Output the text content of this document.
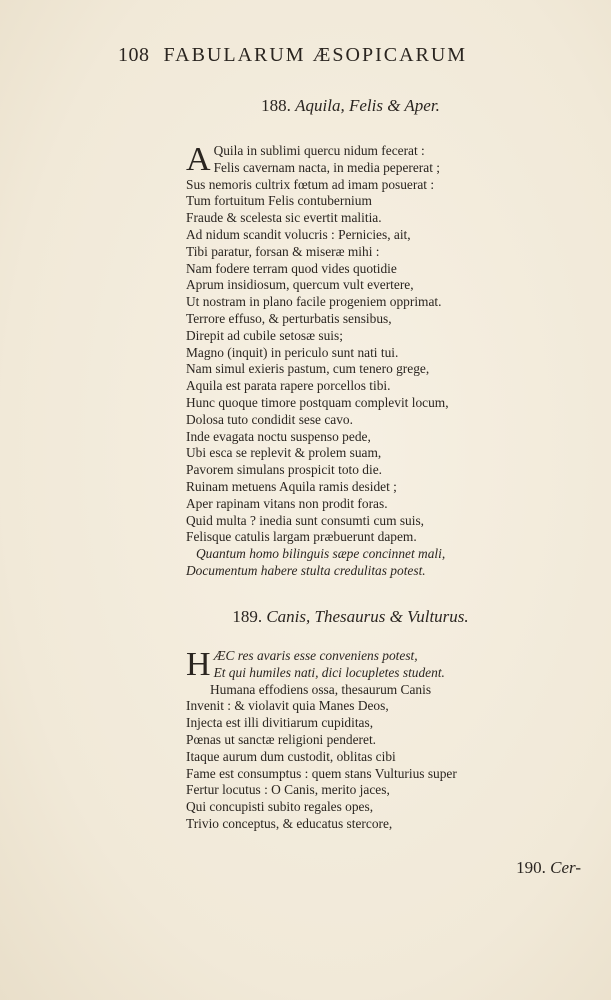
108 FABULARUM ÆSOPICARUM
188. Aquila, Felis & Aper.
A Quila in sublimi quercu nidum fecerat :
Felis cavernam nacta, in media pepererat ;
Sus nemoris cultrix fœtum ad imam posuerat :
Tum fortuitum Felis contubernium
Fraude & scelesta sic evertit malitia.
Ad nidum scandit volucris : Pernicies, ait,
Tibi paratur, forsan & miseræ mihi :
Nam fodere terram quod vides quotidie
Aprum insidiosum, quercum vult evertere,
Ut nostram in plano facile progeniem opprimat.
Terrore effuso, & perturbatis sensibus,
Direpit ad cubile setosæ suis;
Magno (inquit) in periculo sunt nati tui.
Nam simul exieris pastum, cum tenero grege,
Aquila est parata rapere porcellos tibi.
Hunc quoque timore postquam complevit locum,
Dolosa tuto condidit sese cavo.
Inde evagata noctu suspenso pede,
Ubi esca se replevit & prolem suam,
Pavorem simulans prospicit toto die.
Ruinam metuens Aquila ramis desidet ;
Aper rapinam vitans non prodit foras.
Quid multa ? inedia sunt consumti cum suis,
Felisque catulis largam præbuerunt dapem.
Quantum homo bilinguis sæpe concinnet mali,
Documentum habere stulta credulitas potest.
189. Canis, Thesaurus & Vulturus.
H ÆC res avaris esse conveniens potest,
Et qui humiles nati, dici locupletes student.
Humana effodiens ossa, thesaurum Canis
Invenit : & violavit quia Manes Deos,
Injecta est illi divitiarum cupiditas,
Pœnas ut sanctæ religioni penderet.
Itaque aurum dum custodit, oblitas cibi
Fame est consumptus : quem stans Vulturius super
Fertur locutus : O Canis, merito jaces,
Qui concupisti subito regales opes,
Trivio conceptus, & educatus stercore,
190. Cer-
